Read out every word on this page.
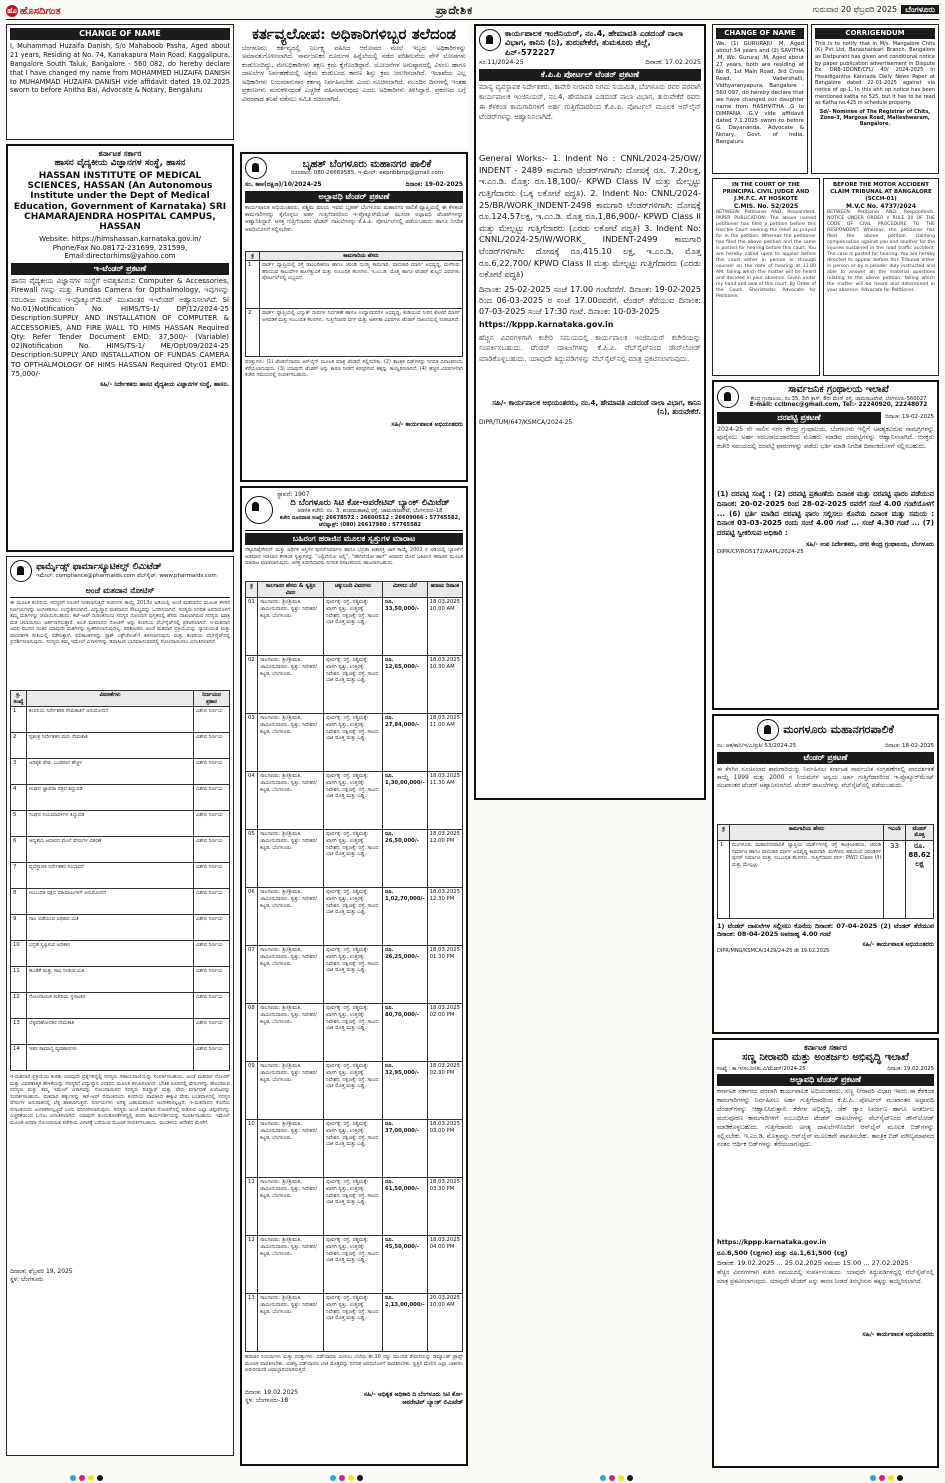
ಹೊ ಹೊಸದಿಗಂತ	ಪ್ರಾದೇಶಿಕ	ಗುರುವಾರ 20 ಫೆಬ್ರವರಿ 2025 ಬೆಂಗಳೂರು
CHANGE OF NAME
I, Muhammad Huzaifa Danish, S/o Mahaboob Pasha, Aged about 21 years, Residing at No. 74, Kanakapura Main Road, Kaggalipura, Bangalore South Taluk, Bangalore - 560 082, do hereby declare that I have changed my name from MOHAMMED HUZAIFA DANISH to MUHAMMAD HUZAIFA DANISH vide affidavit dated 19.02.2025 sworn to before Anitha Bai, Advocate & Notary, Bengaluru
ಕರ್ನಾಟಕ ಸರ್ಕಾರ
ಹಾಸನ ವೈದ್ಯಕೀಯ ವಿಜ್ಞಾನಗಳ ಸಂಸ್ಥೆ, ಹಾಸನ
HASSAN INSTITUTE OF MEDICAL SCIENCES, HASSAN (An Autonomous Institute under the Dept of Medical Education, Government of Karnataka) SRI CHAMARAJENDRA HOSPITAL CAMPUS, HASSAN
Website: https://himshassan.karnataka.gov.in/
Phone/Fax No.08172-231699, 231599,
Email:directorhims@yahoo.com
ಇ-ಟೆಂಡರ್ ಪ್ರಕಟಣೆ
ಹಾಸನ ವೈದ್ಯಕೀಯ ವಿಜ್ಞಾನಗಳ ಸಂಸ್ಥೆಗೆ ಅವಶ್ಯಕವಿರುವ Computer & Accessories, Firewall ಗಳನ್ನು ಮತ್ತು Fundas Camera for Opthalmology, ಇವುಗಳನ್ನು ಸರಬರಾಜು ಮಾಡಲು ಇ-ಪ್ರೊಕ್ಯೂರ್‌ಮೆಂಟ್ ಮುಖಾಂತರ ಇ-ಟೆಂಡರ್ ಆಹ್ವಾನಿಸಲಾಗಿದೆ. Sl No.01)Notification No. HIMS/TS-1/ DP/12/2024-25 Description:SUPPLY AND INSTALLATION OF COMPUTER & ACCESSORIES, AND FIRE WALL TO HIMS HASSAN Required Qty: Refer Tender Document EMD: 37,500/- (Variable) 02)Notification No. HIMS/TS-1/ ME/Opt/09/2024-25 Description:SUPPLY AND INSTALLATION OF FUNDAS CAMERA TO OPTHALMOLOGY OF HIMS HASSAN Required Qty:01 EMD: 75,000/-
ಸಹಿ/- ನಿರ್ದೇಶಕರು ಹಾಸನ ವೈದ್ಯಕೀಯ ವಿಜ್ಞಾನಗಳ ಸಂಸ್ಥೆ, ಹಾಸನ.
ಫಾರ್ಮೈಡ್ಸ್ ಫಾರ್ಮಾಸ್ಯೂಟಿಕಲ್ಸ್ ಲಿಮಿಟೆಡ್
ಇಮೇಲ್: compliance@pharmaids.com ವೆಬ್‌ಸೈಟ್: www.pharmaids.com
ಅಂಚೆ ಮತದಾನ ನೋಟಿಸ್
ಈ ಮೂಲಕ ಕಂಪನಿಯ ಸದಸ್ಯರಿಗೆ ಸೂಚನೆ ನೀಡಲಾಗುತ್ತಿದೆ ಕಂಪನಿಗಳ ಕಾಯ್ದೆ 2013ರ ಅಡಿಯಲ್ಲಿ ಅಂಚೆ ಮತದಾನದ ಮೂಲಕ ಕೆಳಗಿನ ನಿರ್ಣಯಗಳನ್ನು ಅಂಗೀಕರಿಸಲು ಉದ್ದೇಶಿಸಲಾಗಿದೆ. ವಿದ್ಯುನ್ಮಾನ ಮತದಾನದ ಸೌಲಭ್ಯವನ್ನು ಒದಗಿಸಲಾಗಿದೆ. ಸದಸ್ಯರು ನಿಗದಿತ ಅವಧಿಯೊಳಗೆ ತಮ್ಮ ಮತಗಳನ್ನು ಚಲಾಯಿಸಬಹುದು. ಕಟ್-ಆಫ್ ದಿನಾಂಕದಂದು ಸದಸ್ಯರ ನೋಂದಣಿ ಪುಸ್ತಕದಲ್ಲಿ ಹೆಸರು ದಾಖಲಾಗಿರುವ ಸದಸ್ಯರು ಮಾತ್ರ ಮತ ಚಲಾಯಿಸಲು ಅರ್ಹರಾಗಿರುತ್ತಾರೆ. ಅಂಚೆ ಮತದಾನದ ನೋಟಿಸ್ ಅನ್ನು ಕಂಪನಿಯ ವೆಬ್‌ಸೈಟ್‌ನಲ್ಲಿ ಪ್ರಕಟಿಸಲಾಗಿದೆ. ಇ-ಮತದಾನ ಅವಧಿ ಮುಗಿದ ನಂತರ ಯಾವುದೇ ಮತಗಳನ್ನು ಸ್ವೀಕರಿಸಲಾಗುವುದಿಲ್ಲ. ಪರಿಶೀಲಕರು ಅಂಚೆ ಮತದಾನ ಪ್ರಕ್ರಿಯೆಯನ್ನು ನ್ಯಾಯಯುತ ಮತ್ತು ಪಾರದರ್ಶಕ ರೀತಿಯಲ್ಲಿ ನಡೆಸುತ್ತಾರೆ. ಫಲಿತಾಂಶಗಳನ್ನು ಸ್ಟಾಕ್ ಎಕ್ಸ್‌ಚೇಂಜ್‌ಗೆ ತಿಳಿಸಲಾಗುವುದು ಮತ್ತು ಕಂಪನಿಯ ವೆಬ್‌ಸೈಟ್‌ನಲ್ಲಿ ಪ್ರದರ್ಶಿಸಲಾಗುವುದು. ಸದಸ್ಯರು ತಮ್ಮ ಇಮೇಲ್ ವಿಳಾಸಗಳನ್ನು ಡಿಪಾಸಿಟರಿ ಭಾಗವಹಿಸುವವರಲ್ಲಿ ನೋಂದಾಯಿಸಲು ವಿನಂತಿಸಲಾಗಿದೆ.
ಕ್ರ. ಸಂಖ್ಯೆ	ವಿವರಣೆಗಳು	ನಿರ್ಣಯದ ಪ್ರಕಾರ
1	ಕಂಪನಿಯ ನಿರ್ದೇಶಕರ ನೇಮಕಾತಿಗೆ ಅನುಮೋದನೆ	ವಿಶೇಷ ನಿರ್ಣಯ
2	ಸ್ವತಂತ್ರ ನಿರ್ದೇಶಕರ ಮರು ನೇಮಕಾತಿ	ವಿಶೇಷ ನಿರ್ಣಯ
3	ಅಧಿಕೃತ ಷೇರು ಬಂಡವಾಳ ಹೆಚ್ಚಳ	ವಿಶೇಷ ನಿರ್ಣಯ
4	ಸಂಘದ ಜ್ಞಾಪನಾ ಪತ್ರದ ತಿದ್ದುಪಡಿ	ವಿಶೇಷ ನಿರ್ಣಯ
5	ಸಂಘದ ನಿಯಮಾವಳಿಗಳ ತಿದ್ದುಪಡಿ	ವಿಶೇಷ ನಿರ್ಣಯ
6	ಆದ್ಯತೆಯ ಆಧಾರದ ಮೇಲೆ ಷೇರುಗಳ ವಿತರಣೆ	ವಿಶೇಷ ನಿರ್ಣಯ
7	ವ್ಯವಸ್ಥಾಪಕ ನಿರ್ದೇಶಕರ ಸಂಭಾವನೆ	ವಿಶೇಷ ನಿರ್ಣಯ
8	ಸಂಬಂಧಿತ ಪಕ್ಷದ ವಹಿವಾಟುಗಳಿಗೆ ಅನುಮೋದನೆ	ವಿಶೇಷ ನಿರ್ಣಯ
9	ಸಾಲ ಪಡೆಯುವ ಅಧಿಕಾರ ಮಿತಿ	ವಿಶೇಷ ನಿರ್ಣಯ
10	ಭದ್ರತೆ ಸೃಷ್ಟಿಸುವ ಅಧಿಕಾರ	ವಿಶೇಷ ನಿರ್ಣಯ
11	ಹೂಡಿಕೆ ಮತ್ತು ಸಾಲ ನೀಡುವ ಮಿತಿ	ವಿಶೇಷ ನಿರ್ಣಯ
12	ನೋಂದಾಯಿತ ಕಚೇರಿಯ ಸ್ಥಳಾಂತರ	ವಿಶೇಷ ನಿರ್ಣಯ
13	ಲೆಕ್ಕಪರಿಶೋಧಕರ ನೇಮಕಾತಿ	ವಿಶೇಷ ನಿರ್ಣಯ
14	ಇತರ ಸಾಮಾನ್ಯ ವ್ಯವಹಾರಗಳು	ವಿಶೇಷ ನಿರ್ಣಯ
ಇ-ಮತದಾನ ಪ್ರಕ್ರಿಯೆಯ ಕುರಿತು ಯಾವುದೇ ಪ್ರಶ್ನೆಗಳಿದ್ದಲ್ಲಿ ಸದಸ್ಯರು ಸಹಾಯವಾಣಿಯನ್ನು ಸಂಪರ್ಕಿಸಬಹುದು. ಅಂಚೆ ಮತದಾನ ನೋಟಿಸ್ ಮತ್ತು ವಿವರಣಾತ್ಮಕ ಹೇಳಿಕೆಯನ್ನು ಸದಸ್ಯರಿಗೆ ವಿದ್ಯುನ್ಮಾನ ವಿಧಾನದ ಮೂಲಕ ಕಳುಹಿಸಲಾಗಿದೆ. ಭೌತಿಕ ರೂಪದಲ್ಲಿ ಷೇರುಗಳನ್ನು ಹೊಂದಿರುವ ಸದಸ್ಯರು ಮತ್ತು ತಮ್ಮ ಇಮೇಲ್ ವಿಳಾಸವನ್ನು ನೋಂದಾಯಿಸದ ಸದಸ್ಯರು ರಿಜಿಸ್ಟ್ರಾರ್ ಮತ್ತು ಷೇರು ವರ್ಗಾವಣೆ ಏಜೆಂಟರನ್ನು ಸಂಪರ್ಕಿಸಬಹುದು. ಮತದಾನ ಹಕ್ಕುಗಳನ್ನು ಕಟ್-ಆಫ್ ದಿನಾಂಕದಂದು ಕಂಪನಿಯ ಪಾವತಿಸಿದ ಈಕ್ವಿಟಿ ಷೇರು ಬಂಡವಾಳದಲ್ಲಿ ಸದಸ್ಯರ ಷೇರುಗಳ ಅನುಪಾತದಲ್ಲಿ ಲೆಕ್ಕ ಹಾಕಲಾಗುತ್ತದೆ. ನಿರ್ಣಯಗಳು ಅಗತ್ಯ ಬಹುಮತದಿಂದ ಅಂಗೀಕರಿಸಲ್ಪಟ್ಟರೆ, ಇ-ಮತದಾನದ ಕೊನೆಯ ದಿನಾಂಕದಂದು ಅಂಗೀಕರಿಸಲ್ಪಟ್ಟಿವೆ ಎಂದು ಪರಿಗಣಿಸಲಾಗುವುದು. ಸದಸ್ಯರು ಅಂಚೆ ಮತದಾನ ನೋಟಿಸ್‌ನಲ್ಲಿ ನೀಡಿರುವ ಎಲ್ಲಾ ಟಿಪ್ಪಣಿಗಳನ್ನು ಎಚ್ಚರಿಕೆಯಿಂದ ಓದಲು ವಿನಂತಿಸಲಾಗಿದೆ. ಯಾವುದೇ ಕುಂದುಕೊರತೆಗಳಿದ್ದಲ್ಲಿ ಕಂಪನಿ ಕಾರ್ಯದರ್ಶಿಯನ್ನು ಸಂಪರ್ಕಿಸಬಹುದು. ಇಮೇಲ್ ಮೂಲಕ ಅಥವಾ ನೋಂದಾಯಿತ ಕಚೇರಿಯ ವಿಳಾಸಕ್ಕೆ ಬರೆಯುವ ಮೂಲಕ ಸಂಪರ್ಕಿಸಬಹುದು. ಮಂಡಳಿಯ ಆದೇಶದ ಮೇರೆಗೆ.
ದಿನಾಂಕ: ಫೆಬ್ರವರಿ 19, 2025
ಸ್ಥಳ: ಬೆಂಗಳೂರು
ಕರ್ತವ್ಯಲೋಪ: ಅಧಿಕಾರಿಗಳಿಬ್ಬರ ತಲೆದಂಡ
ಬೆಂಗಳೂರು: ಕರ್ತವ್ಯದಲ್ಲಿ ನಿರ್ಲಕ್ಷ್ಯ ವಹಿಸಿದ ಆರೋಪದ ಮೇಲೆ ಇಬ್ಬರು ಅಧಿಕಾರಿಗಳನ್ನು ಅಮಾನತುಗೊಳಿಸಲಾಗಿದೆ. ಸಾರ್ವಜನಿಕರ ದೂರುಗಳ ಹಿನ್ನೆಲೆಯಲ್ಲಿ ನಡೆದ ಪರಿಶೀಲನೆಯ ವೇಳೆ ಲೋಪಗಳು ಕಂಡುಬಂದಿದ್ದು, ಮೇಲಧಿಕಾರಿಗಳು ತಕ್ಷಣ ಕ್ರಮ ಕೈಗೊಂಡಿದ್ದಾರೆ. ಯೋಜನೆಗಳ ಅನುಷ್ಠಾನದಲ್ಲಿ ವಿಳಂಬ ಹಾಗೂ ದಾಖಲೆಗಳ ನಿರ್ವಹಣೆಯಲ್ಲಿ ಅಕ್ರಮ ಕಂಡುಬಂದ ಕಾರಣ ಶಿಸ್ತು ಕ್ರಮ ಜರುಗಿಸಲಾಗಿದೆ. ಇಲಾಖೆಯ ಎಲ್ಲ ಅಧಿಕಾರಿಗಳು ನಿಯಮಾನುಸಾರ ಕರ್ತವ್ಯ ನಿರ್ವಹಿಸಬೇಕು ಎಂದು ಸೂಚಿಸಲಾಗಿದೆ. ಮುಂದಿನ ದಿನಗಳಲ್ಲಿ ಇಂತಹ ಪ್ರಕರಣಗಳು ಮರುಕಳಿಸದಂತೆ ಎಚ್ಚರಿಕೆ ವಹಿಸಲಾಗುವುದು ಎಂದು ಅಧಿಕಾರಿಗಳು ತಿಳಿಸಿದ್ದಾರೆ. ಪ್ರಕರಣದ ಬಗ್ಗೆ ವಿವರವಾದ ತನಿಖೆ ನಡೆಸಲು ಸಮಿತಿ ರಚಿಸಲಾಗಿದೆ.
ಬೃಹತ್ ಬೆಂಗಳೂರು ಮಹಾನಗರ ಪಾಲಿಕೆ
ದೂರವಾಣಿ: 080-26669585, ಇ-ಮೇಲ್: eepnbbmp@gmail.com
ಸಂ. ಕಾಅ(ದಕ್ಷಿಣ)/10/2024-25	ದಿನಾಂಕ: 19-02-2025
ಅಲ್ಪಾವಧಿ ಟೆಂಡರ್ ಪ್ರಕಟಣೆ
ಕಾರ್ಯಪಾಲಕ ಅಭಿಯಂತರರು, ಪಶ್ಚಿಮ ವಲಯ ಇವರು ಬೃಹತ್ ಬೆಂಗಳೂರು ಮಹಾನಗರ ಪಾಲಿಕೆ ವ್ಯಾಪ್ತಿಯಲ್ಲಿ ಈ ಕೆಳಕಂಡ ಕಾಮಗಾರಿಗಳನ್ನು ಕೈಗೊಳ್ಳಲು ಅರ್ಹ ಗುತ್ತಿಗೆದಾರರಿಂದ ಇ-ಪ್ರೊಕ್ಯೂರ್‌ಮೆಂಟ್ ಮೂಲಕ ಅಲ್ಪಾವಧಿ ಟೆಂಡರ್‌ಗಳನ್ನು ಆಹ್ವಾನಿಸಿದ್ದಾರೆ. ಆಸಕ್ತ ಗುತ್ತಿಗೆದಾರರು ಟೆಂಡರ್ ದಾಖಲೆಗಳನ್ನು ಕೆ.ಪಿ.ಪಿ. ಪೋರ್ಟಲ್‌ನಲ್ಲಿ ಪಡೆಯಬಹುದು ಹಾಗೂ ನಿಗದಿತ ಅವಧಿಯೊಳಗೆ ಸಲ್ಲಿಸಬೇಕು.
ಕ್ರ	ಕಾಮಗಾರಿಯ ಹೆಸರು
1	ವಾರ್ಡ್ ವ್ಯಾಪ್ತಿಯಲ್ಲಿ ರಸ್ತೆ ಡಾಂಬರೀಕರಣ ಹಾಗೂ ಚರಂಡಿ ದುರಸ್ತಿ ಕಾಮಗಾರಿ, ಪಾದಚಾರಿ ಮಾರ್ಗ ಅಭಿವೃದ್ಧಿ, ಮಳೆನೀರು ಹರಿಯುವ ಕಾಲುವೆಗಳ ಹೂಳೆತ್ತುವಿಕೆ ಮತ್ತು ಸಂಬಂಧಿತ ಕೆಲಸಗಳು. ಇ.ಎಂ.ಡಿ. ಮೊತ್ತ ಹಾಗೂ ಟೆಂಡರ್ ಶುಲ್ಕದ ವಿವರಗಳು ಪೋರ್ಟಲ್‌ನಲ್ಲಿ ಲಭ್ಯವಿದೆ.

2	ವಾರ್ಡ್ ವ್ಯಾಪ್ತಿಯಲ್ಲಿ ವಿದ್ಯುತ್ ದೀಪಗಳ ನಿರ್ವಹಣೆ ಹಾಗೂ ಉದ್ಯಾನವನಗಳ ಅಭಿವೃದ್ಧಿ, ಕುಡಿಯುವ ನೀರಿನ ಕೊಳವೆ ಮಾರ್ಗ ಅಳವಡಿಕೆ ಮತ್ತು ಸಂಬಂಧಿತ ಕೆಲಸಗಳು. ಗುತ್ತಿಗೆದಾರರ ವರ್ಗ ಮತ್ತು ಅರ್ಹತಾ ವಿವರಗಳು ಟೆಂಡರ್ ದಾಖಲೆಯಲ್ಲಿ ನೀಡಲಾಗಿದೆ.
ಷರತ್ತುಗಳು: (1) ಟೆಂಡರ್‌ದಾರರು ಆನ್‌ಲೈನ್ ಮೂಲಕ ಮಾತ್ರ ಟೆಂಡರ್ ಸಲ್ಲಿಸಬೇಕು. (2) ತಾಂತ್ರಿಕ ಬಿಡ್‌ಗಳನ್ನು ನಿಗದಿತ ದಿನಾಂಕದಂದು ತೆರೆಯಲಾಗುವುದು. (3) ಯಾವುದೇ ಟೆಂಡರ್ ಅನ್ನು ಕಾರಣ ನೀಡದೆ ತಿರಸ್ಕರಿಸುವ ಹಕ್ಕನ್ನು ಕಾಯ್ದಿರಿಸಲಾಗಿದೆ. (4) ಹೆಚ್ಚಿನ ವಿವರಗಳಿಗಾಗಿ ಕಚೇರಿ ಸಮಯದಲ್ಲಿ ಸಂಪರ್ಕಿಸಬಹುದು.
ಸಹಿ/- ಕಾರ್ಯಪಾಲಕ ಅಭಿಯಂತರರು
ಸ್ಥಾಪನೆ: 1907
ದಿ ಬೆಂಗಳೂರು ಸಿಟಿ ಕೋ-ಆಪರೇಟಿವ್ ಬ್ಯಾಂಕ್ ಲಿಮಿಟೆಡ್
ಆಡಳಿತ ಕಚೇರಿ: ನಂ. 3, ಪಂಪಮಹಾಕವಿ ರಸ್ತೆ, ಚಾಮರಾಜಪೇಟೆ, ಬೆಂಗಳೂರು-18
ಕಚೇರಿ ದೂರವಾಣಿ ಸಂಖ್ಯೆ: 26678572 : 26600512 : 26609066 : 57765582, ಟೆಲಿಫ್ಯಾಕ್ಸ್: (080) 26617980 : 57765582
ಬಹಿರಂಗ ಹರಾಜಿನ ಮೂಲಕ ಸ್ವತ್ತುಗಳ ಮಾರಾಟ
ಸೆಕ್ಯೂರಿಟೈಸೇಷನ್ ಮತ್ತು ಆರ್ಥಿಕ ಆಸ್ತಿಗಳ ಪುನರ್‌ನಿರ್ಮಾಣ ಹಾಗೂ ಭದ್ರತಾ ಹಿತಾಸಕ್ತಿ ಜಾರಿ ಕಾಯ್ದೆ 2002 ರ ಅಡಿಯಲ್ಲಿ ಬ್ಯಾಂಕ್‌ಗೆ ಅಡಮಾನ ಇಡಲಾದ ಕೆಳಕಂಡ ಸ್ವತ್ತುಗಳನ್ನು "ಎಲ್ಲಿದೆಯೋ ಅಲ್ಲಿ", "ಹೇಗಿದೆಯೋ ಹಾಗೆ" ಆಧಾರದ ಮೇಲೆ ಬಹಿರಂಗ ಹರಾಜಿನ ಮೂಲಕ ಮಾರಾಟ ಮಾಡಲಾಗುವುದು. ಆಸಕ್ತ ಖರೀದಿದಾರರು ನಿಗದಿತ ದಿನಾಂಕದಂದು ಹಾಜರಾಗಬಹುದು.
ಕ್ರ	ಸಾಲಗಾರರ ಹೆಸರು & ಸ್ವತ್ತಿನ ವಿವರ	ಚಕ್ಕುಬಂದಿ ವಿವರಗಳು	ಮೀಸಲು ಬೆಲೆ	ಹರಾಜು ದಿನಾಂಕ
01	ಸಾಲಗಾರರು: ಶ್ರೀ/ಶ್ರೀಮತಿ, ಜಾಮೀನುದಾರರು. ಸ್ವತ್ತು: ನಿವೇಶನ/ಕಟ್ಟಡ, ಬೆಂಗಳೂರು.	ಪೂರ್ವಕ್ಕೆ: ರಸ್ತೆ, ಪಶ್ಚಿಮಕ್ಕೆ: ಖಾಸಗಿ ಸ್ವತ್ತು, ಉತ್ತರಕ್ಕೆ: ನಿವೇಶನ, ದಕ್ಷಿಣಕ್ಕೆ: ರಸ್ತೆ. ಸಾಲದ ಬಾಕಿ ಮೊತ್ತ ಮತ್ತು ಬಡ್ಡಿ.	ರೂ. 33,50,000/-	18.03.2025 10.00 AM
02	ಸಾಲಗಾರರು: ಶ್ರೀ/ಶ್ರೀಮತಿ, ಜಾಮೀನುದಾರರು. ಸ್ವತ್ತು: ನಿವೇಶನ/ಕಟ್ಟಡ, ಬೆಂಗಳೂರು.	ಪೂರ್ವಕ್ಕೆ: ರಸ್ತೆ, ಪಶ್ಚಿಮಕ್ಕೆ: ಖಾಸಗಿ ಸ್ವತ್ತು, ಉತ್ತರಕ್ಕೆ: ನಿವೇಶನ, ದಕ್ಷಿಣಕ್ಕೆ: ರಸ್ತೆ. ಸಾಲದ ಬಾಕಿ ಮೊತ್ತ ಮತ್ತು ಬಡ್ಡಿ.	ರೂ. 12,65,000/-	18.03.2025 10.30 AM
03	ಸಾಲಗಾರರು: ಶ್ರೀ/ಶ್ರೀಮತಿ, ಜಾಮೀನುದಾರರು. ಸ್ವತ್ತು: ನಿವೇಶನ/ಕಟ್ಟಡ, ಬೆಂಗಳೂರು.	ಪೂರ್ವಕ್ಕೆ: ರಸ್ತೆ, ಪಶ್ಚಿಮಕ್ಕೆ: ಖಾಸಗಿ ಸ್ವತ್ತು, ಉತ್ತರಕ್ಕೆ: ನಿವೇಶನ, ದಕ್ಷಿಣಕ್ಕೆ: ರಸ್ತೆ. ಸಾಲದ ಬಾಕಿ ಮೊತ್ತ ಮತ್ತು ಬಡ್ಡಿ.	ರೂ. 27,84,000/-	18.03.2025 11.00 AM
04	ಸಾಲಗಾರರು: ಶ್ರೀ/ಶ್ರೀಮತಿ, ಜಾಮೀನುದಾರರು. ಸ್ವತ್ತು: ನಿವೇಶನ/ಕಟ್ಟಡ, ಬೆಂಗಳೂರು.	ಪೂರ್ವಕ್ಕೆ: ರಸ್ತೆ, ಪಶ್ಚಿಮಕ್ಕೆ: ಖಾಸಗಿ ಸ್ವತ್ತು, ಉತ್ತರಕ್ಕೆ: ನಿವೇಶನ, ದಕ್ಷಿಣಕ್ಕೆ: ರಸ್ತೆ. ಸಾಲದ ಬಾಕಿ ಮೊತ್ತ ಮತ್ತು ಬಡ್ಡಿ.	ರೂ. 1,30,00,000/-	18.03.2025 11.30 AM
05	ಸಾಲಗಾರರು: ಶ್ರೀ/ಶ್ರೀಮತಿ, ಜಾಮೀನುದಾರರು. ಸ್ವತ್ತು: ನಿವೇಶನ/ಕಟ್ಟಡ, ಬೆಂಗಳೂರು.	ಪೂರ್ವಕ್ಕೆ: ರಸ್ತೆ, ಪಶ್ಚಿಮಕ್ಕೆ: ಖಾಸಗಿ ಸ್ವತ್ತು, ಉತ್ತರಕ್ಕೆ: ನಿವೇಶನ, ದಕ್ಷಿಣಕ್ಕೆ: ರಸ್ತೆ. ಸಾಲದ ಬಾಕಿ ಮೊತ್ತ ಮತ್ತು ಬಡ್ಡಿ.	ರೂ. 26,50,000/-	18.03.2025 12.00 PM
06	ಸಾಲಗಾರರು: ಶ್ರೀ/ಶ್ರೀಮತಿ, ಜಾಮೀನುದಾರರು. ಸ್ವತ್ತು: ನಿವೇಶನ/ಕಟ್ಟಡ, ಬೆಂಗಳೂರು.	ಪೂರ್ವಕ್ಕೆ: ರಸ್ತೆ, ಪಶ್ಚಿಮಕ್ಕೆ: ಖಾಸಗಿ ಸ್ವತ್ತು, ಉತ್ತರಕ್ಕೆ: ನಿವೇಶನ, ದಕ್ಷಿಣಕ್ಕೆ: ರಸ್ತೆ. ಸಾಲದ ಬಾಕಿ ಮೊತ್ತ ಮತ್ತು ಬಡ್ಡಿ.	ರೂ. 1,02,70,000/-	18.03.2025 12.30 PM
07	ಸಾಲಗಾರರು: ಶ್ರೀ/ಶ್ರೀಮತಿ, ಜಾಮೀನುದಾರರು. ಸ್ವತ್ತು: ನಿವೇಶನ/ಕಟ್ಟಡ, ಬೆಂಗಳೂರು.	ಪೂರ್ವಕ್ಕೆ: ರಸ್ತೆ, ಪಶ್ಚಿಮಕ್ಕೆ: ಖಾಸಗಿ ಸ್ವತ್ತು, ಉತ್ತರಕ್ಕೆ: ನಿವೇಶನ, ದಕ್ಷಿಣಕ್ಕೆ: ರಸ್ತೆ. ಸಾಲದ ಬಾಕಿ ಮೊತ್ತ ಮತ್ತು ಬಡ್ಡಿ.	ರೂ. 26,25,000/-	18.03.2025 01.30 PM
08	ಸಾಲಗಾರರು: ಶ್ರೀ/ಶ್ರೀಮತಿ, ಜಾಮೀನುದಾರರು. ಸ್ವತ್ತು: ನಿವೇಶನ/ಕಟ್ಟಡ, ಬೆಂಗಳೂರು.	ಪೂರ್ವಕ್ಕೆ: ರಸ್ತೆ, ಪಶ್ಚಿಮಕ್ಕೆ: ಖಾಸಗಿ ಸ್ವತ್ತು, ಉತ್ತರಕ್ಕೆ: ನಿವೇಶನ, ದಕ್ಷಿಣಕ್ಕೆ: ರಸ್ತೆ. ಸಾಲದ ಬಾಕಿ ಮೊತ್ತ ಮತ್ತು ಬಡ್ಡಿ.	ರೂ. 80,70,000/-	18.03.2025 02.00 PM
09	ಸಾಲಗಾರರು: ಶ್ರೀ/ಶ್ರೀಮತಿ, ಜಾಮೀನುದಾರರು. ಸ್ವತ್ತು: ನಿವೇಶನ/ಕಟ್ಟಡ, ಬೆಂಗಳೂರು.	ಪೂರ್ವಕ್ಕೆ: ರಸ್ತೆ, ಪಶ್ಚಿಮಕ್ಕೆ: ಖಾಸಗಿ ಸ್ವತ್ತು, ಉತ್ತರಕ್ಕೆ: ನಿವೇಶನ, ದಕ್ಷಿಣಕ್ಕೆ: ರಸ್ತೆ. ಸಾಲದ ಬಾಕಿ ಮೊತ್ತ ಮತ್ತು ಬಡ್ಡಿ.	ರೂ. 32,95,000/-	18.03.2025 02.30 PM
10	ಸಾಲಗಾರರು: ಶ್ರೀ/ಶ್ರೀಮತಿ, ಜಾಮೀನುದಾರರು. ಸ್ವತ್ತು: ನಿವೇಶನ/ಕಟ್ಟಡ, ಬೆಂಗಳೂರು.	ಪೂರ್ವಕ್ಕೆ: ರಸ್ತೆ, ಪಶ್ಚಿಮಕ್ಕೆ: ಖಾಸಗಿ ಸ್ವತ್ತು, ಉತ್ತರಕ್ಕೆ: ನಿವೇಶನ, ದಕ್ಷಿಣಕ್ಕೆ: ರಸ್ತೆ. ಸಾಲದ ಬಾಕಿ ಮೊತ್ತ ಮತ್ತು ಬಡ್ಡಿ.	ರೂ. 37,00,000/-	18.03.2025 03.00 PM
11	ಸಾಲಗಾರರು: ಶ್ರೀ/ಶ್ರೀಮತಿ, ಜಾಮೀನುದಾರರು. ಸ್ವತ್ತು: ನಿವೇಶನ/ಕಟ್ಟಡ, ಬೆಂಗಳೂರು.	ಪೂರ್ವಕ್ಕೆ: ರಸ್ತೆ, ಪಶ್ಚಿಮಕ್ಕೆ: ಖಾಸಗಿ ಸ್ವತ್ತು, ಉತ್ತರಕ್ಕೆ: ನಿವೇಶನ, ದಕ್ಷಿಣಕ್ಕೆ: ರಸ್ತೆ. ಸಾಲದ ಬಾಕಿ ಮೊತ್ತ ಮತ್ತು ಬಡ್ಡಿ.	ರೂ. 61,50,000/-	18.03.2025 03.30 PM
12	ಸಾಲಗಾರರು: ಶ್ರೀ/ಶ್ರೀಮತಿ, ಜಾಮೀನುದಾರರು. ಸ್ವತ್ತು: ನಿವೇಶನ/ಕಟ್ಟಡ, ಬೆಂಗಳೂರು.	ಪೂರ್ವಕ್ಕೆ: ರಸ್ತೆ, ಪಶ್ಚಿಮಕ್ಕೆ: ಖಾಸಗಿ ಸ್ವತ್ತು, ಉತ್ತರಕ್ಕೆ: ನಿವೇಶನ, ದಕ್ಷಿಣಕ್ಕೆ: ರಸ್ತೆ. ಸಾಲದ ಬಾಕಿ ಮೊತ್ತ ಮತ್ತು ಬಡ್ಡಿ.	ರೂ. 45,50,000/-	18.03.2025 04.00 PM
13	ಸಾಲಗಾರರು: ಶ್ರೀ/ಶ್ರೀಮತಿ, ಜಾಮೀನುದಾರರು. ಸ್ವತ್ತು: ನಿವೇಶನ/ಕಟ್ಟಡ, ಬೆಂಗಳೂರು.	ಪೂರ್ವಕ್ಕೆ: ರಸ್ತೆ, ಪಶ್ಚಿಮಕ್ಕೆ: ಖಾಸಗಿ ಸ್ವತ್ತು, ಉತ್ತರಕ್ಕೆ: ನಿವೇಶನ, ದಕ್ಷಿಣಕ್ಕೆ: ರಸ್ತೆ. ಸಾಲದ ಬಾಕಿ ಮೊತ್ತ ಮತ್ತು ಬಡ್ಡಿ.	ರೂ. 2,13,00,000/-	20.03.2025 10.00 AM
ಹರಾಜಿನ ನಿಯಮಗಳು ಮತ್ತು ಷರತ್ತುಗಳು: ಬಿಡ್‌ದಾರರು ಮೀಸಲು ಬೆಲೆಯ ಶೇ.10 ರಷ್ಟು ಮುಂಗಡ ಠೇವಣಿಯನ್ನು ಡಿಮ್ಯಾಂಡ್ ಡ್ರಾಫ್ಟ್ ಮೂಲಕ ಪಾವತಿಸಬೇಕು. ಯಶಸ್ವಿ ಬಿಡ್‌ದಾರರು ಬಾಕಿ ಮೊತ್ತವನ್ನು ನಿಗದಿತ ಅವಧಿಯೊಳಗೆ ಪಾವತಿಸಬೇಕು. ಸ್ವತ್ತಿನ ಮೇಲಿನ ಎಲ್ಲಾ ಬಾಕಿಗಳು ಖರೀದಿದಾರರ ಜವಾಬ್ದಾರಿಯಾಗಿರುತ್ತದೆ.
ದಿನಾಂಕ: 19.02.2025
ಸ್ಥಳ: ಬೆಂಗಳೂರು-18
ಸಹಿ/- ಅಧಿಕೃತ ಅಧಿಕಾರಿ ದಿ ಬೆಂಗಳೂರು ಸಿಟಿ ಕೋ-ಆಪರೇಟಿವ್ ಬ್ಯಾಂಕ್ ಲಿಮಿಟೆಡ್
ಕಾರ್ಯಪಾಲಕ ಇಂಜಿನಿಯರ್, ನಂ.4, ಹೇಮಾವತಿ ಎಡದಂಡೆ ನಾಲಾ ವಿಭಾಗ, ಕಾನಿನಿ (ನಿ), ತುರುವೇಕೆರೆ, ತುಮಕೂರು ಜಿಲ್ಲೆ, ಪಿನ್-572227
ಸಂ:11/2024-25	ದಿನಾಂಕ: 17.02.2025
ಕೆ.ಪಿ.ಪಿ ಪೋರ್ಟಲ್ ಟೆಂಡರ್ ಪ್ರಕಟಣೆ
ಮಾನ್ಯ ವ್ಯವಸ್ಥಾಪಕ ನಿರ್ದೇಶಕರು, ಕಾವೇರಿ ನೀರಾವರಿ ನಿಗಮ ನಿಯಮಿತ, ಬೆಂಗಳೂರು ರವರ ಪರವಾಗಿ ಕಾರ್ಯಪಾಲಕ ಇಂಜಿನಿಯರ್, ನಂ.4, ಹೇಮಾವತಿ ಎಡದಂಡೆ ನಾಲಾ ವಿಭಾಗ, ತುರುವೇಕೆರೆ ರವರು ಈ ಕೆಳಕಂಡ ಕಾಮಗಾರಿಗಳಿಗೆ ಅರ್ಹ ಗುತ್ತಿಗೆದಾರರಿಂದ ಕೆ.ಪಿ.ಪಿ. ಪೋರ್ಟಲ್ ಮೂಲಕ ಆನ್‌ಲೈನ್ ಟೆಂಡರ್‌ಗಳನ್ನು ಆಹ್ವಾನಿಸಲಾಗಿದೆ.
General Works:- 1. Indent No : CNNL/2024-25/OW/ INDENT - 2489 ಕಾಮಗಾರಿ ಟೆಂಡರ್‌ಗಳಿಗಾಗಿ: ದೋಷಕ್ಕೆ ರೂ. 7.20ಲಕ್ಷ, ಇ.ಎಂ.ಡಿ. ಮೊತ್ತ: ರೂ.18,100/- KPWD Class IV ಮತ್ತು ಮೇಲ್ಪಟ್ಟು ಗುತ್ತಿಗೆದಾರರು (ಒಕ್ಕ ಲಕೋಟೆ ಪದ್ಧತಿ). 2. Indent No: CNNL/2024-25/BR/WORK_INDENT-2498 ಕಾಮಗಾರಿ ಟೆಂಡರ್‌ಗಳಿಗಾಗಿ: ದೋಷಕ್ಕೆ ರೂ.124.57ಲಕ್ಷ, ಇ.ಎಂ.ಡಿ. ಮೊತ್ತ ರೂ.1,86,900/- KPWD Class II ಮತ್ತು ಮೇಲ್ಪಟ್ಟು ಗುತ್ತಿಗೆದಾರರು (ಎರಡು ಲಕೋಟೆ ಪದ್ಧತಿ) 3. Indent No: CNNL/2024-25/IW/WORK_ INDENT-2499 ಕಾಮಗಾರಿ ಟೆಂಡರ್‌ಗಳಿಗಾಗಿ: ದೋಷಕ್ಕೆ ರೂ.415.10 ಲಕ್ಷ, ಇ.ಎಂ.ಡಿ. ಮೊತ್ತ ರೂ.6,22,700/ KPWD Class II ಮತ್ತು ಮೇಲ್ಪಟ್ಟು ಗುತ್ತಿಗೆದಾರರು (ಎರಡು ಲಕೋಟೆ ಪದ್ಧತಿ)
ದಿನಾಂಕ: 25-02-2025 ಸಂಜೆ 17.00 ಗಂಟೆವರೆಗೆ. ದಿನಾಂಕ: 19-02-2025 ರಿಂದ 06-03-2025 ರ ಸಂಜೆ 17.00ರವರೆಗೆ. ಟೆಂಡರ್ ತೆರೆಯುವ ದಿನಾಂಕ: 07-03-2025 ಸಂಜೆ 17:30 ಗಂಟೆ. ದಿನಾಂಕ: 10-03-2025
https://kppp.karnataka.gov.in
ಹೆಚ್ಚಿನ ವಿವರಗಳಿಗಾಗಿ ಕಚೇರಿ ಸಮಯದಲ್ಲಿ ಕಾರ್ಯಪಾಲಕ ಇಂಜಿನಿಯರ್ ಕಚೇರಿಯನ್ನು ಸಂಪರ್ಕಿಸಬಹುದು. ಟೆಂಡರ್ ದಾಖಲೆಗಳನ್ನು ಕೆ.ಪಿ.ಪಿ. ವೆಬ್‌ಸೈಟ್‌ನಿಂದ ಡೌನ್‌ಲೋಡ್ ಮಾಡಿಕೊಳ್ಳಬಹುದು. ಯಾವುದೇ ತಿದ್ದುಪಡಿಗಳನ್ನು ವೆಬ್‌ಸೈಟ್‌ನಲ್ಲಿ ಮಾತ್ರ ಪ್ರಕಟಿಸಲಾಗುವುದು.
ಸಹಿ/- ಕಾರ್ಯಪಾಲಕ ಅಭಿಯಂತರರು, ನಂ.4, ಹೇಮಾವತಿ ಎಡದಂಡೆ ನಾಲಾ ವಿಭಾಗ, ಕಾನಿನಿ (ನಿ), ತುರುವೇಕೆರೆ.
DIPR/TUM/647/KSMCA/2024-25
CHANGE OF NAME
We, (1) GURURAJU .M, Aged about 34 years and (2) SAVITHA .M, Wo. Gururaj .M, Aged about 27 years, both are residing at No 8, 1st Main Road, 3rd Cross Road, Vadershalli, Vidhyaranyapura, Bangalore - 560 097, do hereby declare that we have changed our daughter name from HASHVITHA .G to DIMPANA .G.V vide affidavit dated 7.1.2025 sworn to before G. Dayananda, Advocate & Notary, Govt. of India, Bengaluru
CORRIGENDUM
This is to notify that in M/s. Mangalore Chits (K) Pvt Ltd, Banashankari Branch, Bangalore as Distpurant has given and conditional notice by paper publication advertisement in Dispute Ex. DRB-1DONE/CFL/ 40/ 2024-2025 In Hosadigantha Kannada Daily News Paper at Bangalore dated 22-01-2025 against via notice of op-1, In this ahh op notice has been mentioned katha no 525, but it has to be read as Katha no.425 in schedule property.
Sd/- Nominee of The Registrar of Chits, Zone-3, Margosa Road, Malleshwaram, Bangalore.
IN THE COURT OF THE PRINCIPAL CIVIL JUDGE AND J.M.F.C. AT HOSKOTE
C.MIS. No. 52/2025
BETWEEN: Petitioner AND: Respondent. PAPER PUBLICATION: The above named petitioner has filed a petition before this Hon'ble Court seeking the relief as prayed for in the petition. Whereas the petitioner has filed the above petition and the same is posted for hearing before this court. You are hereby called upon to appear before this court either in person or through counsel on the date of hearing at 11.00 AM, failing which the matter will be heard and decided in your absence. Given under my hand and seal of this court. By Order of the Court, Sheristedar. Advocate for Petitioner.
BEFORE THE MOTOR ACCIDENT CLAIM TRIBUNAL AT BANGALORE (SCCH-01)
M.V.C No. 4737/2024
BETWEEN: Petitioner AND: Respondents. NOTICE UNDER ORDER V RULE 20 OF THE CODE OF CIVIL PROCEDURE TO THE RESPONDENT. Whereas, the petitioner has filed the above petition claiming compensation against you and another for the injuries sustained in the road traffic accident. The case is posted for hearing. You are hereby directed to appear before this Tribunal either in person or by a pleader duly instructed and able to answer all the material questions relating to the above petition, failing which the matter will be heard and determined in your absence. Advocate for Petitioner.
ಸಾರ್ವಜನಿಕ ಗ್ರಂಥಾಲಯ ಇಲಾಖೆ
ಕೇಂದ್ರ ಗ್ರಂಥಾಲಯ, ನಂ.35, 3ನೇ ಕ್ರಾಸ್, 8ನೇ ಮೇನ್ ರಸ್ತೆ, ಚಾಮರಾಜಪೇಟೆ, ಬೆಂಗಳೂರು-560027
E-mail: cclbnec@gmail.com, Tel:- 22240920, 22248072
ದರಪಟ್ಟಿ ಪ್ರಕಟಣೆ	ದಿನಾಂಕ: 19-02-2025
2024-25 ನೇ ಸಾಲಿನ ನಗರ ಕೇಂದ್ರ ಗ್ರಂಥಾಲಯ, ಬೆಂಗಳೂರು ಇಲ್ಲಿಗೆ ಅವಶ್ಯಕವಿರುವ ಸಾಮಗ್ರಿಗಳನ್ನು ಪೂರೈಸಲು ಅರ್ಹ ಸರಬರಾಜುದಾರರಿಂದ ಮೊಹರು ಮಾಡಿದ ದರಪಟ್ಟಿಗಳನ್ನು ಆಹ್ವಾನಿಸಲಾಗಿದೆ. ಆಸಕ್ತರು ಕಚೇರಿ ಸಮಯದಲ್ಲಿ ದರಪಟ್ಟಿ ಫಾರಂಗಳನ್ನು ಪಡೆದು ಭರ್ತಿ ಮಾಡಿ ನಿಗದಿತ ದಿನಾಂಕದೊಳಗೆ ಸಲ್ಲಿಸಬಹುದು.
(1) ದರಪಟ್ಟಿ ಸಂಖ್ಯೆ : (2) ದರಪಟ್ಟಿ ಪ್ರಕಟಣೆಯ ದಿನಾಂಕ ಮತ್ತು ದರಪಟ್ಟಿ ಫಾರಂ ಪಡೆಯುವ ದಿನಾಂಕ: 20-02-2025 ರಿಂದ 28-02-2025 ರವರೆಗೆ ಸಂಜೆ 4.00 ಗಂಟೆಯೊಳಗೆ ... (6) ಭರ್ತಿ ಮಾಡಿದ ದರಪಟ್ಟಿ ಫಾರಂ ಸಲ್ಲಿಸಲು ಕೊನೆಯ ದಿನಾಂಕ ಮತ್ತು ಸಮಯ : ದಿನಾಂಕ 03-03-2025 ರಂದು ಸಂಜೆ 4.00 ಗಂಟೆ ... ಸಂಜೆ 4.30 ಗಂಟೆ ... (7) ದರಪಟ್ಟಿ ಸ್ವೀಕರಿಸುವ ಅಧಿಕಾರಿ :
ಸಹಿ/- ಉಪ ನಿರ್ದೇಶಕರು, ನಗರ ಕೇಂದ್ರ ಗ್ರಂಥಾಲಯ, ಬೆಂಗಳೂರು
DIPR/CP/RO5172/AAPL/2024-25
ಮಂಗಳೂರು ಮಹಾನಗರಪಾಲಿಕೆ
ನಂ: ಆಕ/ಕಾನಿ/ಇ/ಎ/ಪ್ರತಿ/ 53/2024-25	ದಿನಾಂಕ: 18-02-2025
ಟೆಂಡರ್ ಪ್ರಕಟಣೆ
ಈ ಕೆಳಗಿನ ಸೂಚಿಸಲಾದ ಕಾಮಗಾರಿಯನ್ನು ನಿರ್ವಹಿಸಲು ಕರ್ನಾಟಕ ಸಾರ್ವಜನಿಕ ಸಂಗ್ರಹಣೆಗಳಲ್ಲಿ ಪಾರದರ್ಶಕತೆ ಕಾಯ್ದೆ 1999 ಮತ್ತು 2000 ರ ನಿಯಮಗಳ ಅನ್ವಯ ಅರ್ಹ ಗುತ್ತಿಗೆದಾರರಿಂದ ಇ-ಪ್ರೊಕ್ಯೂರ್‌ಮೆಂಟ್ ಮುಖಾಂತರ ಟೆಂಡರ್ ಆಹ್ವಾನಿಸಲಾಗಿದೆ. ಟೆಂಡರ್ ದಾಖಲೆಗಳನ್ನು ವೆಬ್‌ಸೈಟ್‌ನಲ್ಲಿ ಪಡೆಯಬಹುದು.
ಕ್ರ	ಕಾಮಗಾರಿಯ ಹೆಸರು	ಇಎಂಡಿ	ಟೆಂಡರ್ ಮೊತ್ತ
1	ಮಂಗಳೂರು ಮಹಾನಗರಪಾಲಿಕೆ ವ್ಯಾಪ್ತಿಯ ವಾರ್ಡ್‌ಗಳಲ್ಲಿ ರಸ್ತೆ ಕಾಂಕ್ರೀಟೀಕರಣ, ಚರಂಡಿ ನಿರ್ಮಾಣ ಹಾಗೂ ಪಾದಚಾರಿ ಮಾರ್ಗ ಅಭಿವೃದ್ಧಿ ಕಾಮಗಾರಿ. ಮಳೆನೀರು ಹರಿಯುವ ಚರಂಡಿಗಳ ಪುನರ್ ನಿರ್ಮಾಣ ಮತ್ತು ಸಂಬಂಧಿತ ಕೆಲಸಗಳು. ಗುತ್ತಿಗೆದಾರರ ವರ್ಗ: PWD Class I/II ಮತ್ತು ಮೇಲ್ಪಟ್ಟು.	33	ರೂ. 88.62 ಲಕ್ಷ
1) ಟೆಂಡರ್ ದಾಖಲೆಗಳ ಸಲ್ಲಿಸಲು ಕೊನೆಯ ದಿನಾಂಕ: 07-04-2025 (2) ಟೆಂಡರ್ ತೆರೆಯುವ ದಿನಾಂಕ: 08-04-2025 ಅಪರಾಹ್ನ 4.00 ಗಂಟೆ
ಸಹಿ/- ಕಾರ್ಯಪಾಲಕ ಅಭಿಯಂತರರು
DIPR/MNG/KSMCA/1429/24-25 dt 19.02.2025
ಕರ್ನಾಟಕ ಸರ್ಕಾರ
ಸಣ್ಣ ನೀರಾವರಿ ಮತ್ತು ಅಂತರ್ಜಲ ಅಭಿವೃದ್ಧಿ ಇಲಾಖೆ
ಸಂಖ್ಯೆ : ಕಾ.ಇ/ಸಂ.ನೀ/ತು.ವಿ/ಟೆಂಡರ್/2024-25	ದಿನಾಂಕ: 19.02.2025
ಅಲ್ಪಾವಧಿ ಟೆಂಡರ್ ಪ್ರಕಟಣೆ
ಕರ್ನಾಟಕ ಸರ್ಕಾರದ ಪರವಾಗಿ ಕಾರ್ಯಪಾಲಕ ಅಭಿಯಂತರರು, ಸಣ್ಣ ನೀರಾವರಿ ವಿಭಾಗ ಇವರು ಈ ಕೆಳಕಂಡ ಕಾಮಗಾರಿಗಳನ್ನು ನಿರ್ವಹಿಸಲು ಅರ್ಹ ಗುತ್ತಿಗೆದಾರರಿಂದ ಕೆ.ಪಿ.ಪಿ. ಪೋರ್ಟಲ್ ಮುಖಾಂತರ ಅಲ್ಪಾವಧಿ ಟೆಂಡರ್‌ಗಳನ್ನು ಆಹ್ವಾನಿಸಿರುತ್ತಾರೆ. ಕೆರೆಗಳ ಅಭಿವೃದ್ಧಿ, ಚೆಕ್ ಡ್ಯಾಂ ನಿರ್ಮಾಣ ಹಾಗೂ ಅಂತರ್ಜಲ ಮರುಪೂರಣ ಕಾಮಗಾರಿಗಳಿಗೆ ಸಂಬಂಧಿಸಿದ ಟೆಂಡರ್ ದಾಖಲೆಗಳನ್ನು ವೆಬ್‌ಸೈಟ್‌ನಿಂದ ಡೌನ್‌ಲೋಡ್ ಮಾಡಿಕೊಳ್ಳಬಹುದು. ಗುತ್ತಿಗೆದಾರರು ಅಗತ್ಯ ದಾಖಲೆಗಳೊಂದಿಗೆ ಆನ್‌ಲೈನ್ ಮೂಲಕ ಬಿಡ್‌ಗಳನ್ನು ಸಲ್ಲಿಸಬೇಕು. ಇ.ಎಂ.ಡಿ. ಮೊತ್ತವನ್ನು ಆನ್‌ಲೈನ್ ಮೂಲಕವೇ ಪಾವತಿಸಬೇಕು. ತಾಂತ್ರಿಕ ಬಿಡ್ ಮೌಲ್ಯಮಾಪನದ ನಂತರ ಆರ್ಥಿಕ ಬಿಡ್‌ಗಳನ್ನು ತೆರೆಯಲಾಗುವುದು.
https://kppp.karnataka.gov.in
ರೂ.6,500 (ಲಕ್ಷಗಳು) ಮತ್ತು ರೂ.1,61,500 (ಲಕ್ಷ)
ದಿನಾಂಕ: 19.02.2025 ... 25.02.2025 ಸಮಯ 15.00 ... 27.02.2025
ಹೆಚ್ಚಿನ ವಿವರಗಳಿಗಾಗಿ ಕಚೇರಿ ಸಮಯದಲ್ಲಿ ಸಂಪರ್ಕಿಸಬಹುದು. ಯಾವುದೇ ತಿದ್ದುಪಡಿಗಳಿದ್ದಲ್ಲಿ ವೆಬ್‌ಸೈಟ್‌ನಲ್ಲಿ ಮಾತ್ರ ಪ್ರಕಟಿಸಲಾಗುವುದು. ಯಾವುದೇ ಟೆಂಡರ್ ಅನ್ನು ಕಾರಣ ನೀಡದೆ ತಿರಸ್ಕರಿಸುವ ಹಕ್ಕನ್ನು ಕಾಯ್ದಿರಿಸಲಾಗಿದೆ.
ಸಹಿ/- ಕಾರ್ಯಪಾಲಕ ಅಭಿಯಂತರರು
